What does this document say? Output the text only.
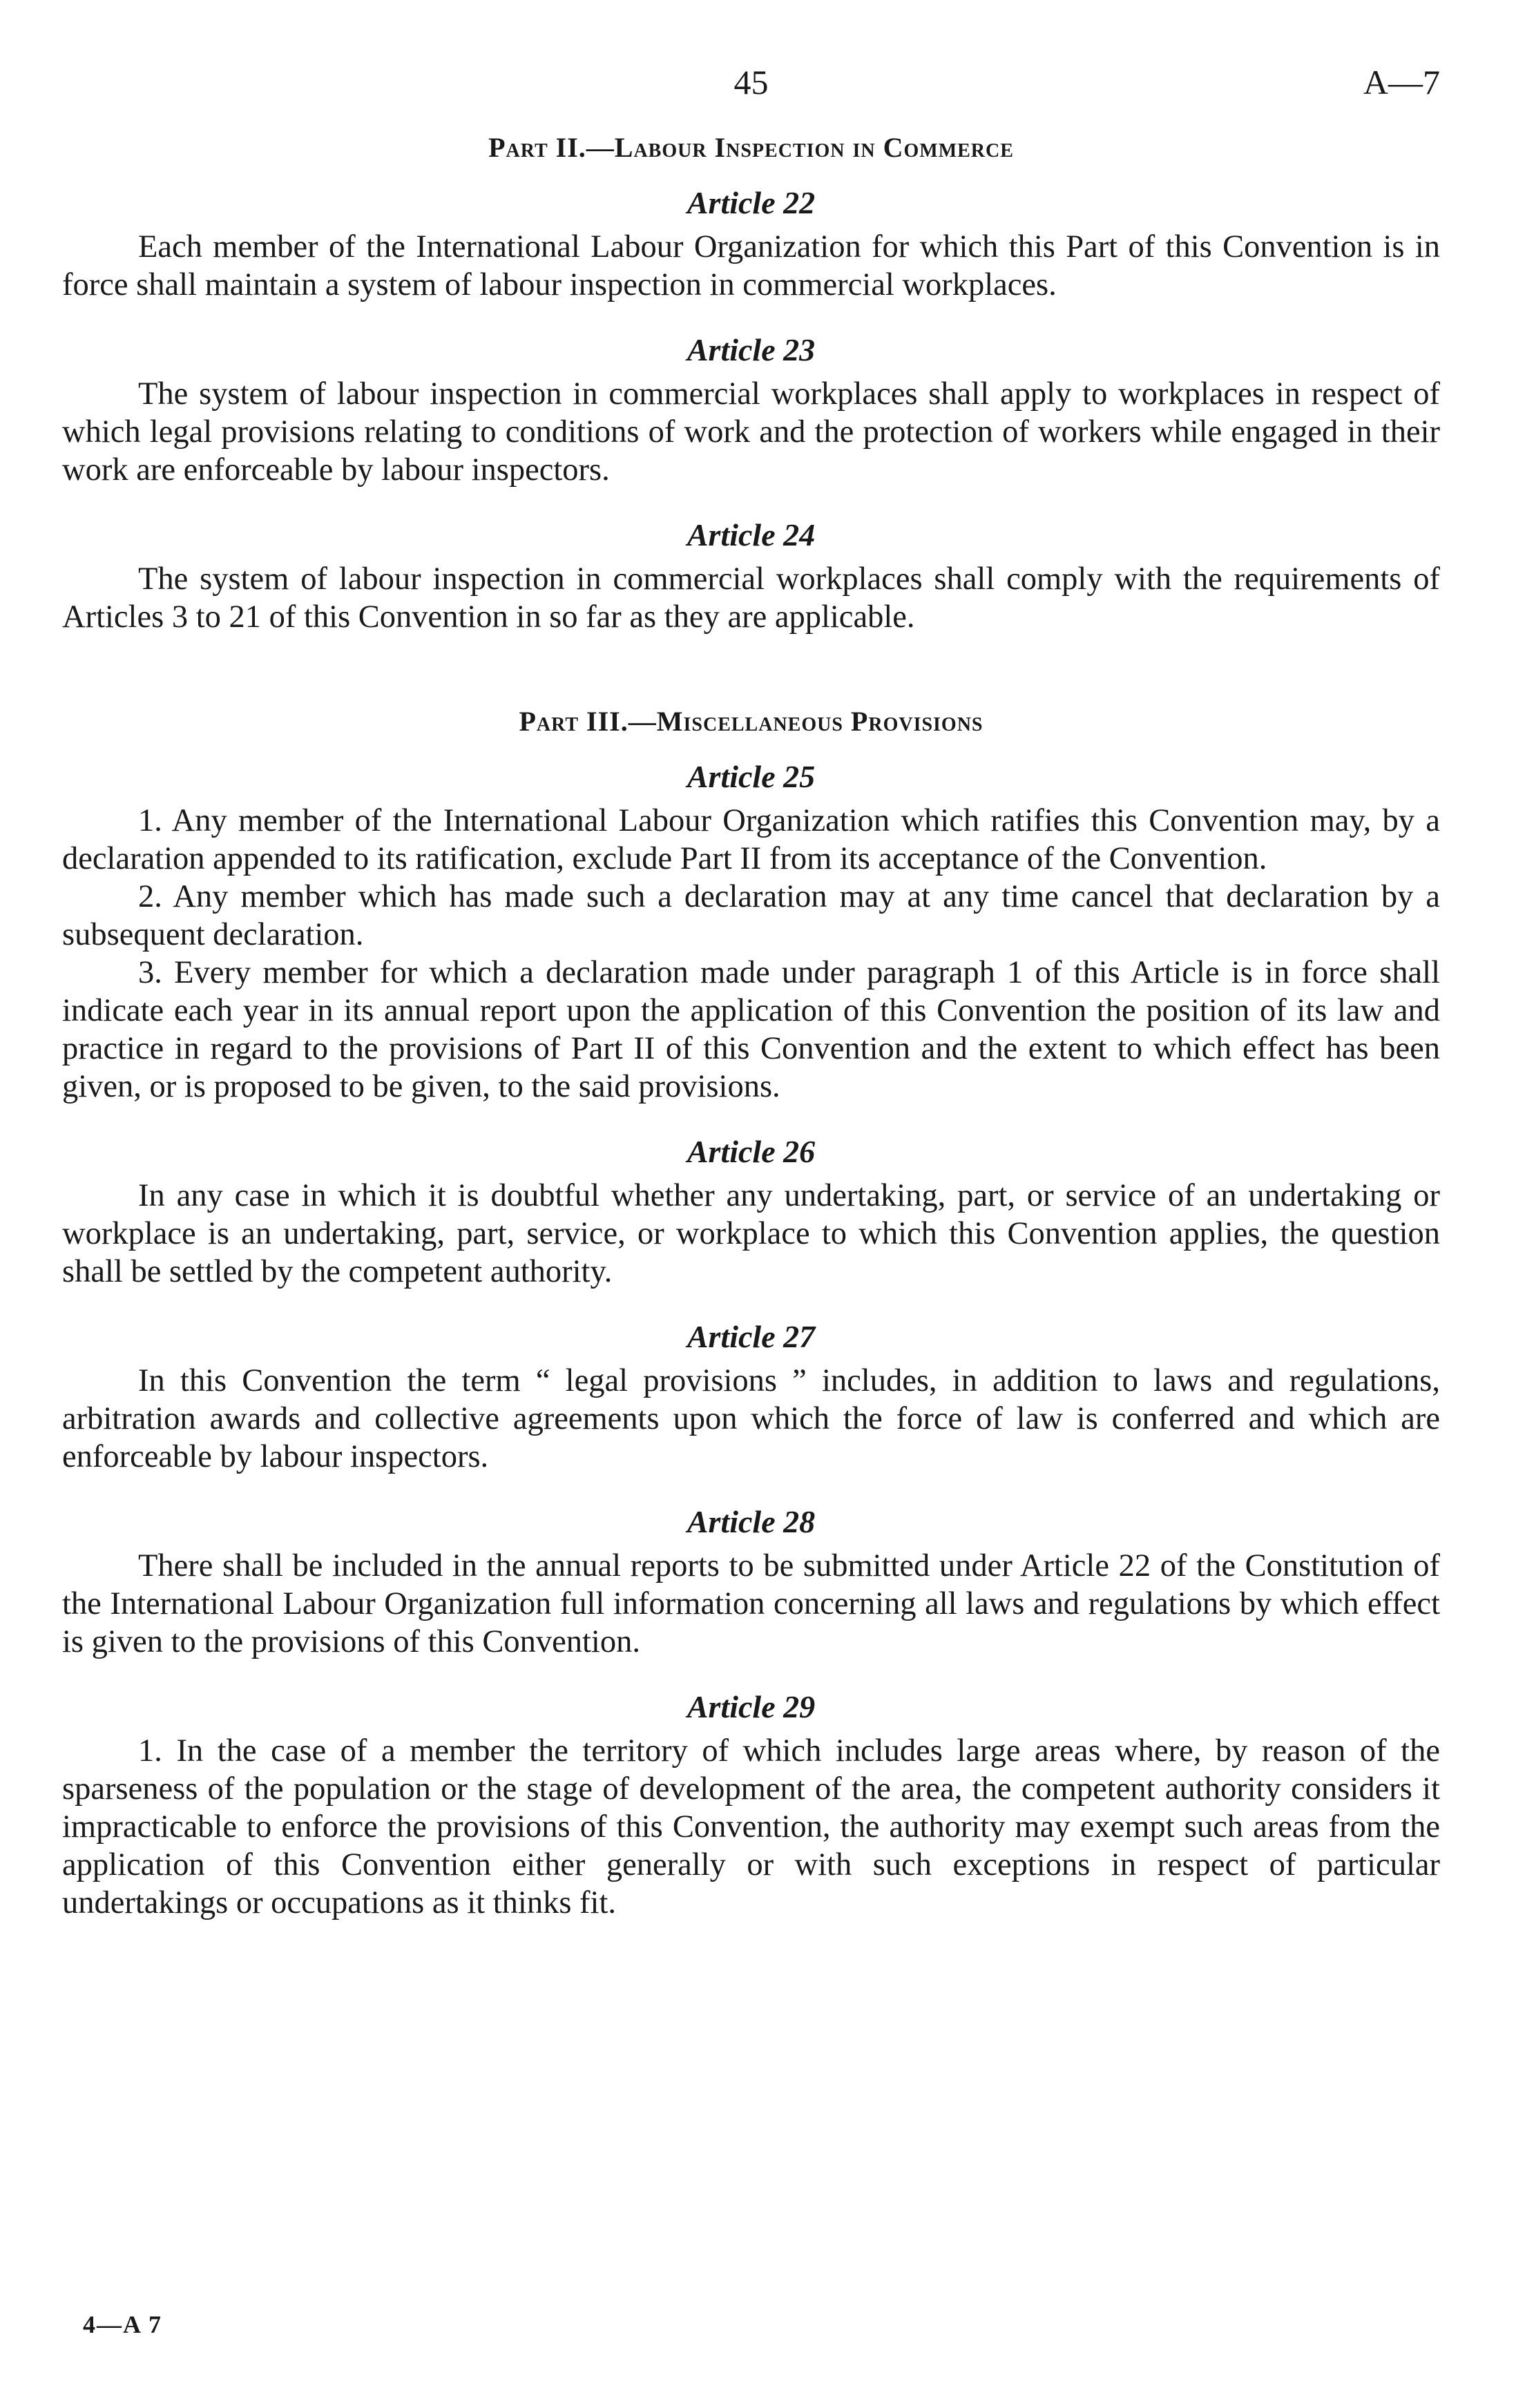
45	A—7
Part II.—Labour Inspection in Commerce
Article 22

Each member of the International Labour Organization for which this Part of this Convention is in force shall maintain a system of labour inspection in commercial workplaces.

Article 23

The system of labour inspection in commercial workplaces shall apply to workplaces in respect of which legal provisions relating to conditions of work and the protection of workers while engaged in their work are enforceable by labour inspectors.

Article 24

The system of labour inspection in commercial workplaces shall comply with the requirements of Articles 3 to 21 of this Convention in so far as they are applicable.

Part III.—Miscellaneous Provisions
Article 25

1. Any member of the International Labour Organization which ratifies this Convention may, by a declaration appended to its ratification, exclude Part II from its acceptance of the Convention.

2. Any member which has made such a declaration may at any time cancel that declaration by a subsequent declaration.

3. Every member for which a declaration made under paragraph 1 of this Article is in force shall indicate each year in its annual report upon the application of this Convention the position of its law and practice in regard to the provisions of Part II of this Convention and the extent to which effect has been given, or is proposed to be given, to the said provisions.

Article 26

In any case in which it is doubtful whether any undertaking, part, or service of an undertaking or workplace is an undertaking, part, service, or workplace to which this Convention applies, the question shall be settled by the competent authority.

Article 27

In this Convention the term “ legal provisions ” includes, in addition to laws and regulations, arbitration awards and collective agreements upon which the force of law is conferred and which are enforceable by labour inspectors.

Article 28

There shall be included in the annual reports to be submitted under Article 22 of the Constitution of the International Labour Organization full information concerning all laws and regulations by which effect is given to the provisions of this Convention.

Article 29

1. In the case of a member the territory of which includes large areas where, by reason of the sparseness of the population or the stage of development of the area, the competent authority considers it impracticable to enforce the provisions of this Convention, the authority may exempt such areas from the application of this Convention either generally or with such exceptions in respect of particular undertakings or occupations as it thinks fit.

4—A 7
